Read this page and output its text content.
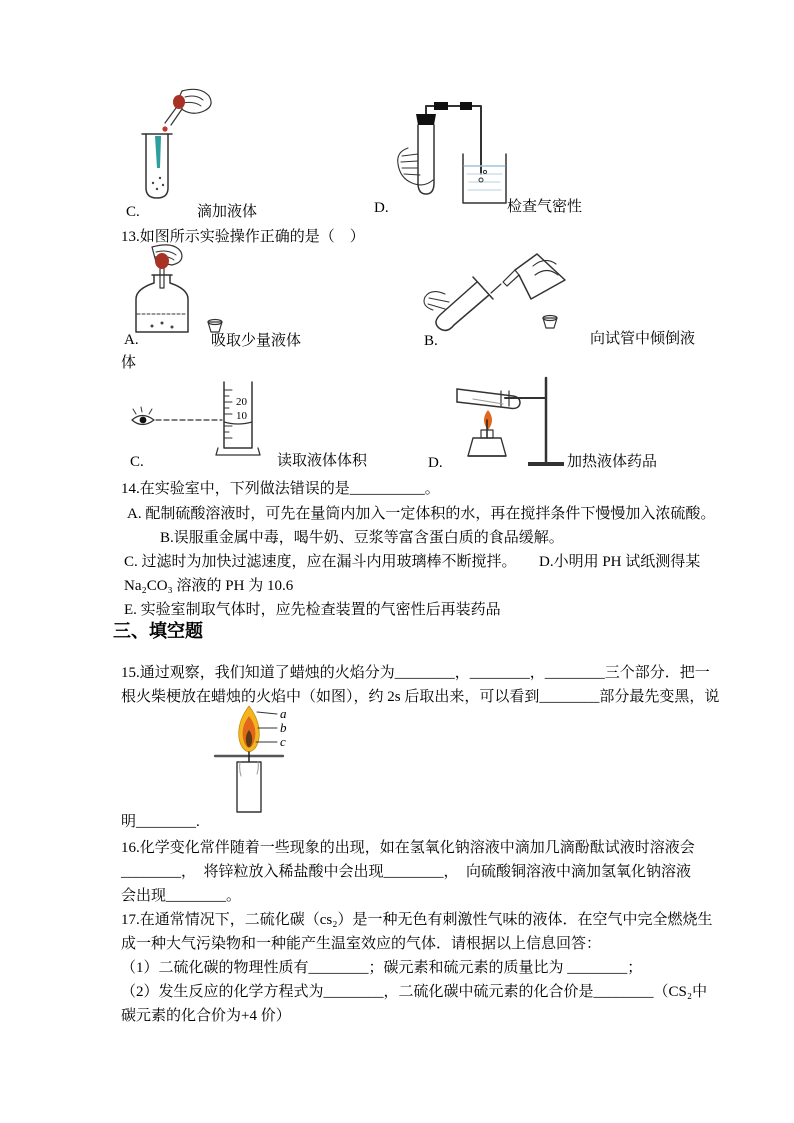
C.	滴加液体	D.	检查气密性
13.如图所示实验操作正确的是（　）
A.	吸取少量液体	B.	向试管中倾倒液
体
20
10
C.	读取液体体积	D.	加热液体药品
14.在实验室中，下列做法错误的是__________。
A. 配制硫酸溶液时，可先在量筒内加入一定体积的水，再在搅拌条件下慢慢加入浓硫酸。
B.误服重金属中毒，喝牛奶、豆浆等富含蛋白质的食品缓解。
C. 过滤时为加快过滤速度，应在漏斗内用玻璃棒不断搅拌。　　D.小明用 PH 试纸测得某
Na₂CO₃ 溶液的 PH 为 10.6
E. 实验室制取气体时，应先检查装置的气密性后再装药品
三、填空题
15.通过观察，我们知道了蜡烛的火焰分为________，________，________三个部分．把一
根火柴梗放在蜡烛的火焰中（如图），约 2s 后取出来，可以看到________部分最先变黑，说
a
b
c
明________.
16.化学变化常伴随着一些现象的出现，如在氢氧化钠溶液中滴加几滴酚酞试液时溶液会
________，  将锌粒放入稀盐酸中会出现________，  向硫酸铜溶液中滴加氢氧化钠溶液
会出现________。
17.在通常情况下，二硫化碳（cs₂）是一种无色有刺激性气味的液体．在空气中完全燃烧生
成一种大气污染物和一种能产生温室效应的气体．请根据以上信息回答：
（1）二硫化碳的物理性质有________；碳元素和硫元素的质量比为 ________；
（2）发生反应的化学方程式为________，二硫化碳中硫元素的化合价是________（CS₂中
碳元素的化合价为+4 价）
